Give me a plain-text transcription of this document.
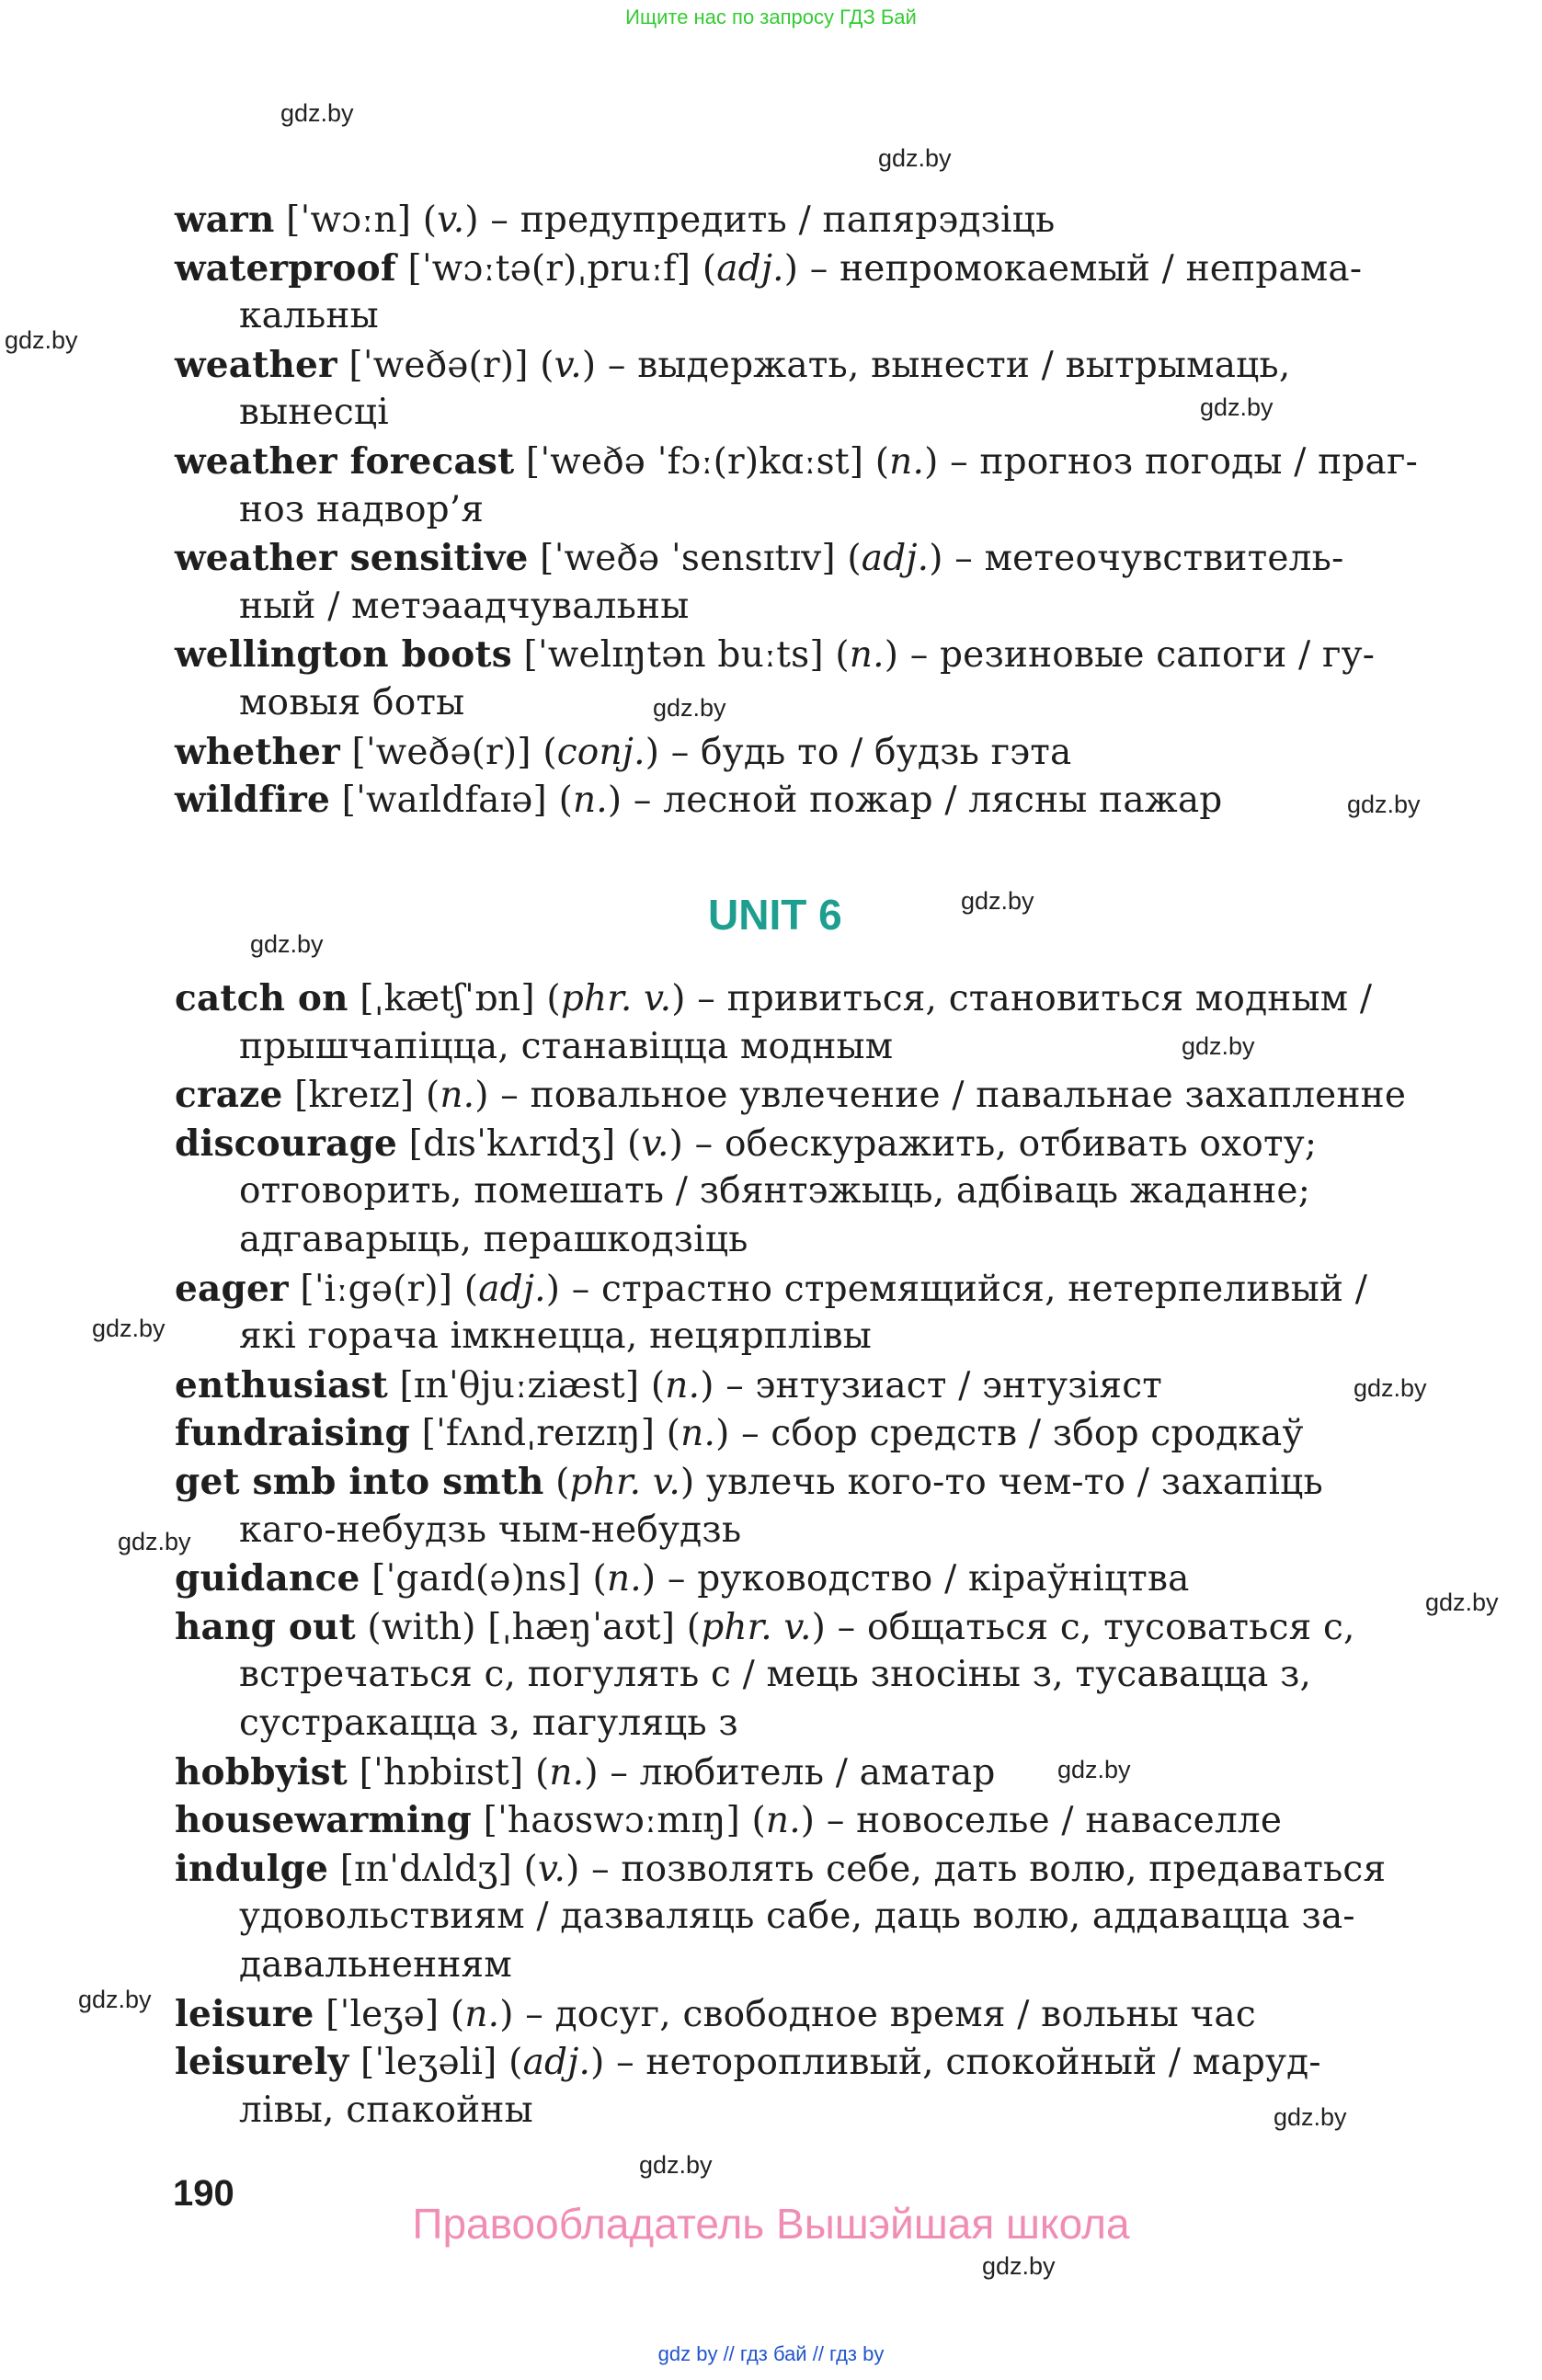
Ищите нас по запросу ГДЗ Бай
gdz.by
gdz.by
gdz.by
gdz.by
gdz.by
gdz.by
gdz.by
gdz.by
gdz.by
gdz.by
gdz.by
gdz.by
gdz.by
gdz.by
gdz.by
gdz.by
gdz.by
gdz.by
UNIT 6
warn [ˈwɔːn] (v.) – предупредить / папярэдзіць
waterproof [ˈwɔːtə(r)ˌpruːf] (adj.) – непромокаемый / непрама-
кальны
weather [ˈweðə(r)] (v.) – выдержать, вынести / вытрымаць,
вынесці
weather forecast [ˈweðə ˈfɔː(r)kɑːst] (n.) – прогноз погоды / праг-
ноз надвор’я
weather sensitive [ˈweðə ˈsensɪtɪv] (adj.) – метеочувствитель-
ный / метэаадчувальны
wellington boots [ˈwelɪŋtən buːts] (n.) – резиновые сапоги / гу-
мовыя боты
whether [ˈweðə(r)] (conj.) – будь то / будзь гэта
wildfire [ˈwaɪldfaɪə] (n.) – лесной пожар / лясны пажар
catch on [ˌkætʃˈɒn] (phr. v.) – привиться, становиться модным /
прышчапіцца, станавіцца модным
craze [kreɪz] (n.) – повальное увлечение / павальнае захапленне
discourage [dɪsˈkʌrɪdʒ] (v.) – обескуражить, отбивать охоту;
отговорить, помешать / збянтэжыць, адбіваць жаданне;
адгаварыць, перашкодзіць
eager [ˈiːgə(r)] (adj.) – страстно стремящийся, нетерпеливый /
які горача імкнецца, нецярплівы
enthusiast [ɪnˈθjuːziæst] (n.) – энтузиаст / энтузіяст
fundraising [ˈfʌndˌreɪzɪŋ] (n.) – сбор средств / збор сродкаў
get smb into smth (phr. v.) увлечь кого-то чем-то / захапіць
каго-небудзь чым-небудзь
guidance [ˈgaɪd(ə)ns] (n.) – руководство / кіраўніцтва
hang out (with) [ˌhæŋˈaʊt] (phr. v.) – общаться с, тусоваться с,
встречаться с, погулять с / мець зносіны з, тусавацца з,
сустракацца з, пагуляць з
hobbyist [ˈhɒbiɪst] (n.) – любитель / аматар
housewarming [ˈhaʊswɔːmɪŋ] (n.) – новоселье / наваселле
indulge [ɪnˈdʌldʒ] (v.) – позволять себе, дать волю, предаваться
удовольствиям / дазваляць сабе, даць волю, аддавацца за-
давальненням
leisure [ˈleʒə] (n.) – досуг, свободное время / вольны час
leisurely [ˈleʒəli] (adj.) – неторопливый, спокойный / маруд-
лівы, спакойны
190
Правообладатель Вышэйшая школа
gdz by // гдз бай // гдз by
